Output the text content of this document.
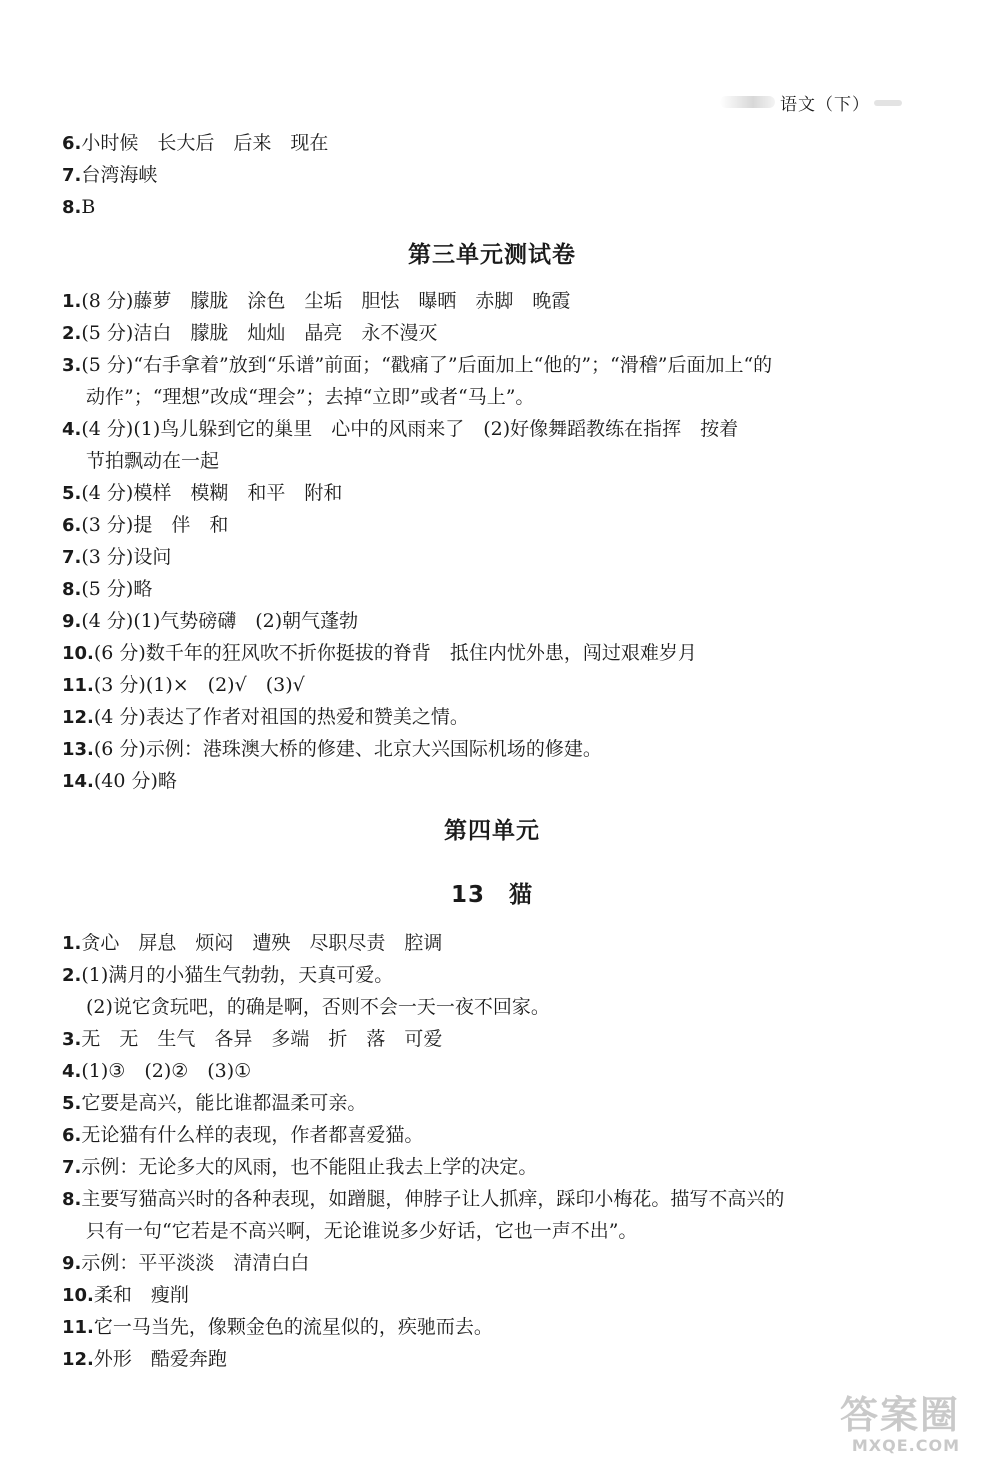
语文（下）
6.小时候　长大后　后来　现在
7.台湾海峡
8.B
第三单元测试卷
1.(8 分)藤萝　朦胧　涂色　尘垢　胆怯　曝晒　赤脚　晚霞
2.(5 分)洁白　朦胧　灿灿　晶亮　永不漫灭
3.(5 分)“右手拿着”放到“乐谱”前面；“戳痛了”后面加上“他的”；“滑稽”后面加上“的
动作”；“理想”改成“理会”；去掉“立即”或者“马上”。
4.(4 分)(1)鸟儿躲到它的巢里　心中的风雨来了　(2)好像舞蹈教练在指挥　按着
节拍飘动在一起
5.(4 分)模样　模糊　和平　附和
6.(3 分)提　伴　和
7.(3 分)设问
8.(5 分)略
9.(4 分)(1)气势磅礴　(2)朝气蓬勃
10.(6 分)数千年的狂风吹不折你挺拔的脊背　抵住内忧外患，闯过艰难岁月
11.(3 分)(1)×　(2)√　(3)√
12.(4 分)表达了作者对祖国的热爱和赞美之情。
13.(6 分)示例：港珠澳大桥的修建、北京大兴国际机场的修建。
14.(40 分)略
第四单元
13　猫
1.贪心　屏息　烦闷　遭殃　尽职尽责　腔调
2.(1)满月的小猫生气勃勃，天真可爱。
(2)说它贪玩吧，的确是啊，否则不会一天一夜不回家。
3.无　无　生气　各异　多端　折　落　可爱
4.(1)③　(2)②　(3)①
5.它要是高兴，能比谁都温柔可亲。
6.无论猫有什么样的表现，作者都喜爱猫。
7.示例：无论多大的风雨，也不能阻止我去上学的决定。
8.主要写猫高兴时的各种表现，如蹭腿，伸脖子让人抓痒，踩印小梅花。描写不高兴的
只有一句“它若是不高兴啊，无论谁说多少好话，它也一声不出”。
9.示例：平平淡淡　清清白白
10.柔和　瘦削
11.它一马当先，像颗金色的流星似的，疾驰而去。
12.外形　酷爱奔跑
答案圈
MXQE.COM
